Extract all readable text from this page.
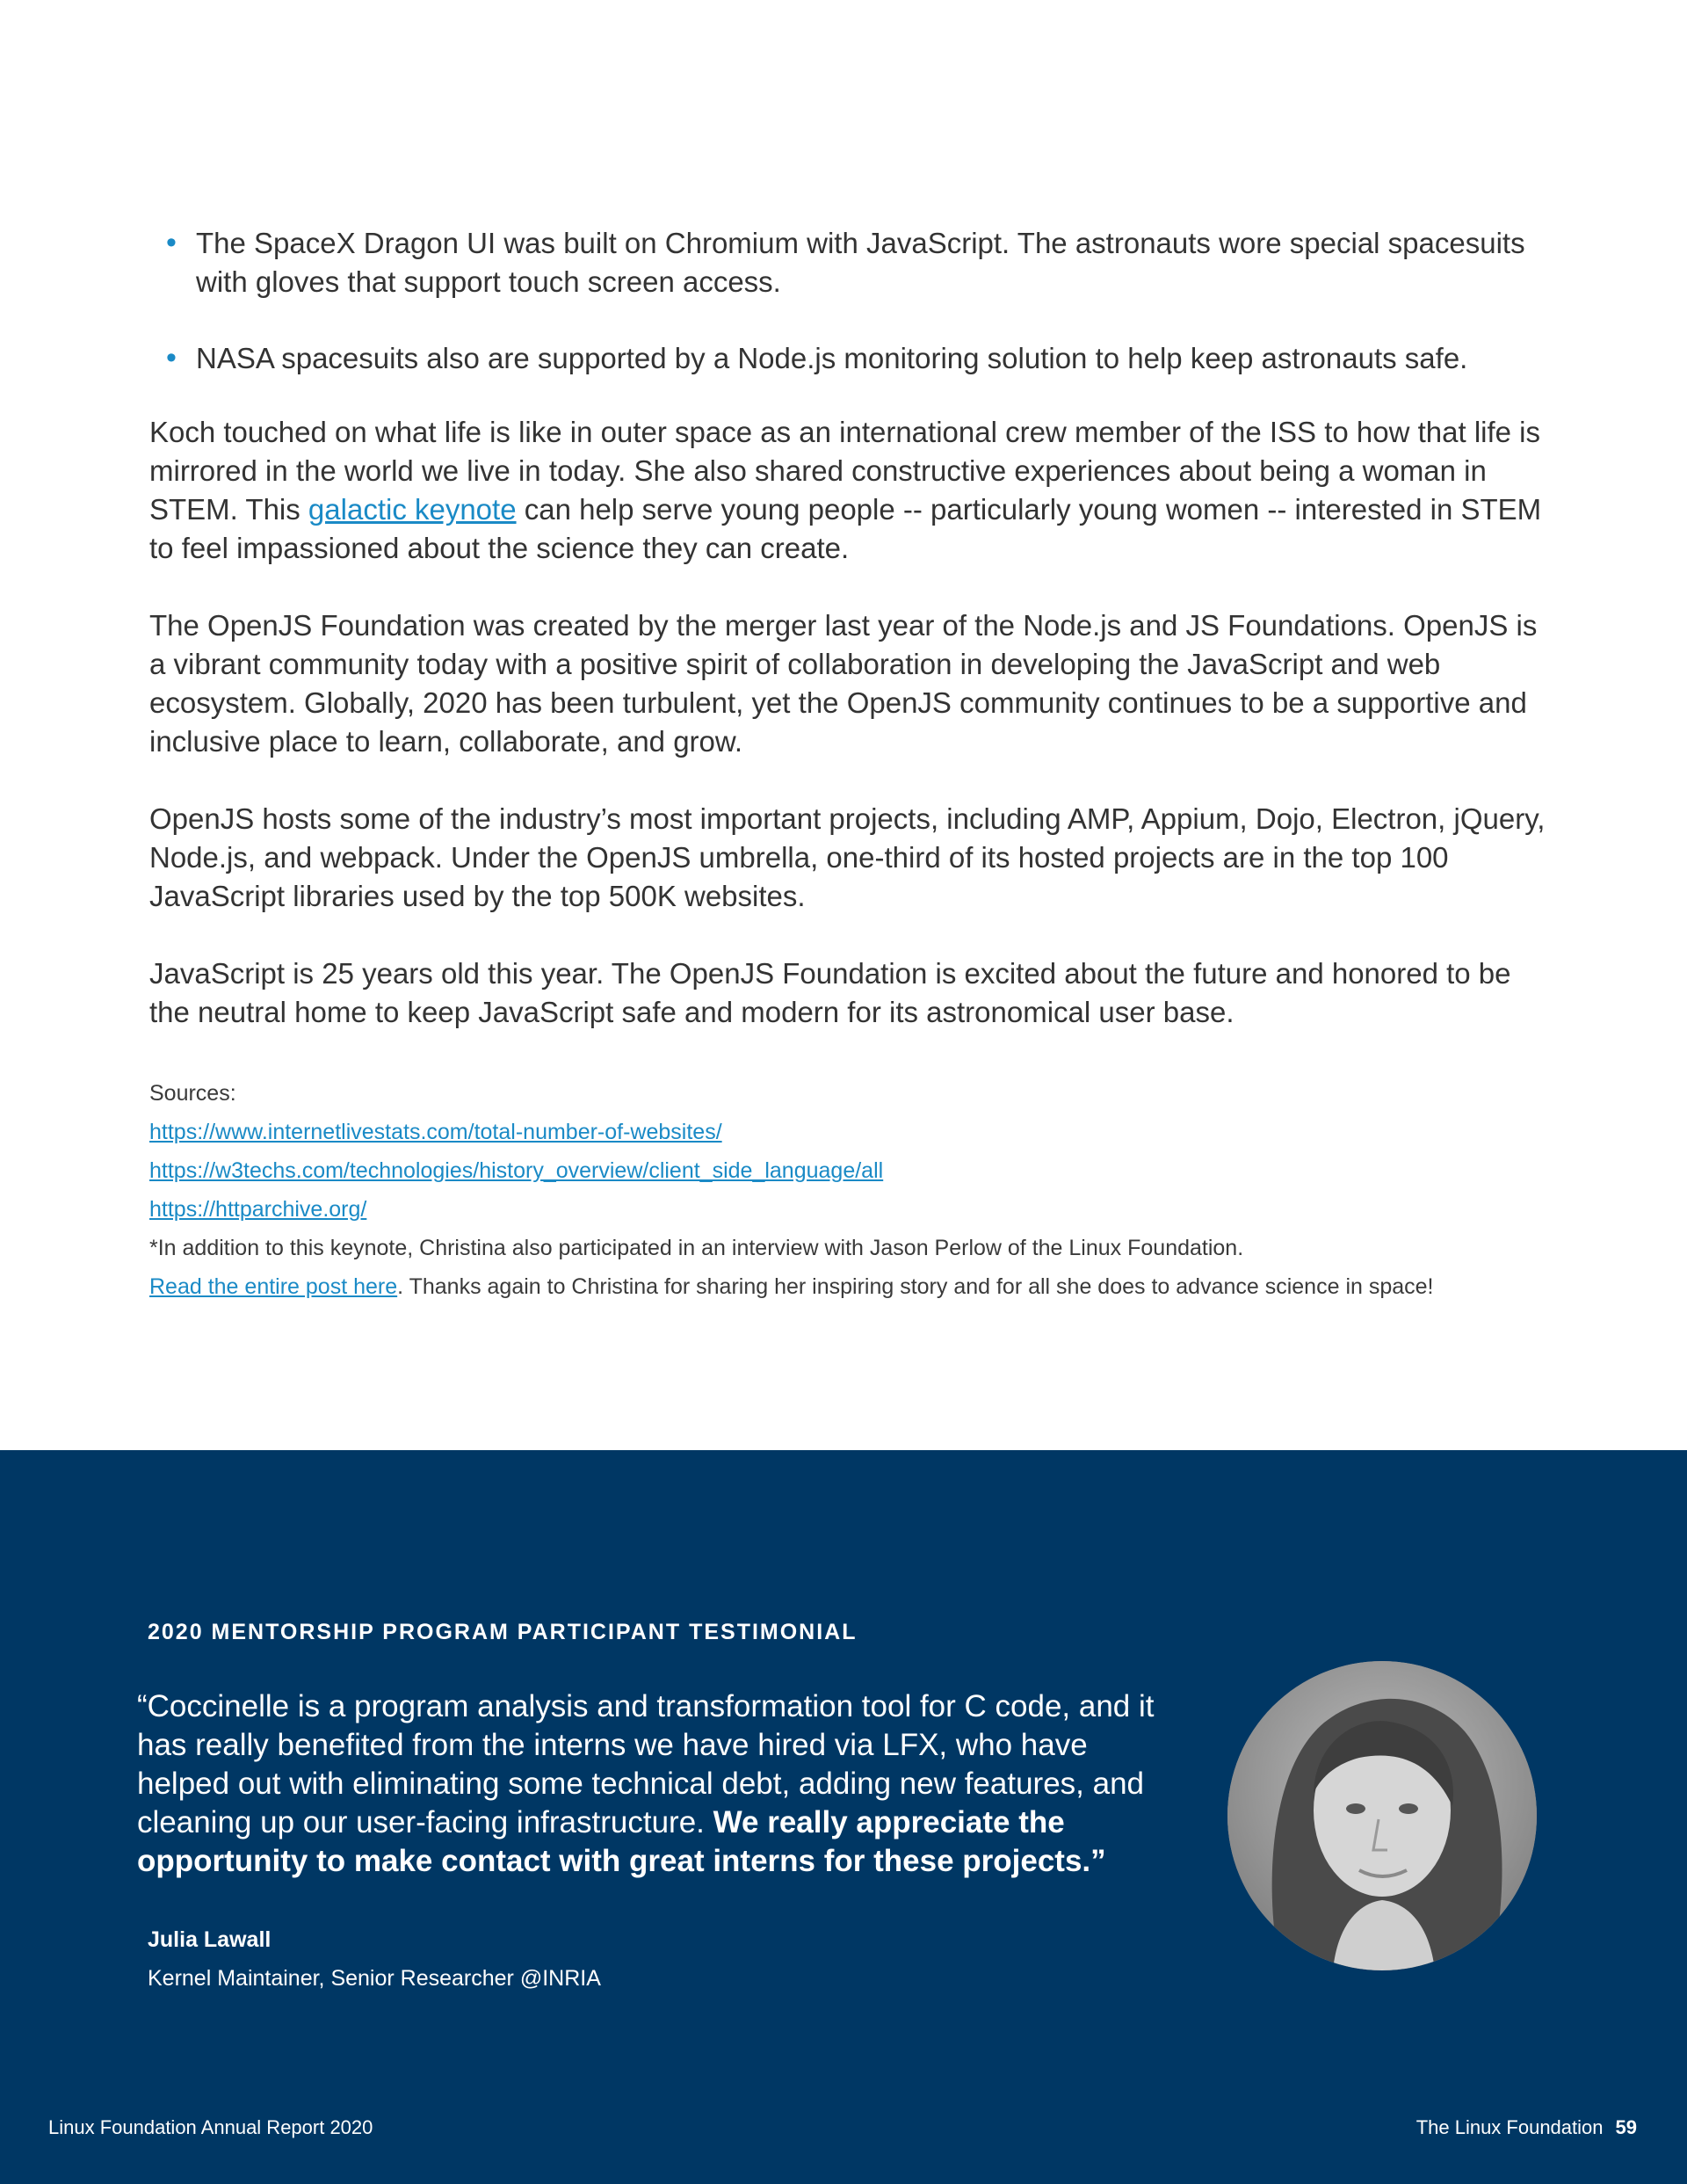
• The SpaceX Dragon UI was built on Chromium with JavaScript. The astronauts wore special spacesuits with gloves that support touch screen access.
• NASA spacesuits also are supported by a Node.js monitoring solution to help keep astronauts safe.

Koch touched on what life is like in outer space as an international crew member of the ISS to how that life is mirrored in the world we live in today. She also shared constructive experiences about being a woman in STEM. This galactic keynote can help serve young people -- particularly young women -- interested in STEM to feel impassioned about the science they can create.

The OpenJS Foundation was created by the merger last year of the Node.js and JS Foundations. OpenJS is a vibrant community today with a positive spirit of collaboration in developing the JavaScript and web ecosystem. Globally, 2020 has been turbulent, yet the OpenJS community continues to be a supportive and inclusive place to learn, collaborate, and grow.

OpenJS hosts some of the industry’s most important projects, including AMP, Appium, Dojo, Electron, jQuery, Node.js, and webpack. Under the OpenJS umbrella, one-third of its hosted projects are in the top 100 JavaScript libraries used by the top 500K websites.

JavaScript is 25 years old this year. The OpenJS Foundation is excited about the future and honored to be the neutral home to keep JavaScript safe and modern for its astronomical user base.

Sources:
https://www.internetlivestats.com/total-number-of-websites/
https://w3techs.com/technologies/history_overview/client_side_language/all
https://httparchive.org/
*In addition to this keynote, Christina also participated in an interview with Jason Perlow of the Linux Foundation.
Read the entire post here. Thanks again to Christina for sharing her inspiring story and for all she does to advance science in space!
2020 MENTORSHIP PROGRAM PARTICIPANT TESTIMONIAL

“Coccinelle is a program analysis and transformation tool for C code, and it has really benefited from the interns we have hired via LFX, who have helped out with eliminating some technical debt, adding new features, and cleaning up our user-facing infrastructure. We really appreciate the opportunity to make contact with great interns for these projects.”

Julia Lawall
Kernel Maintainer, Senior Researcher @INRIA
Linux Foundation Annual Report 2020	The Linux Foundation 59
